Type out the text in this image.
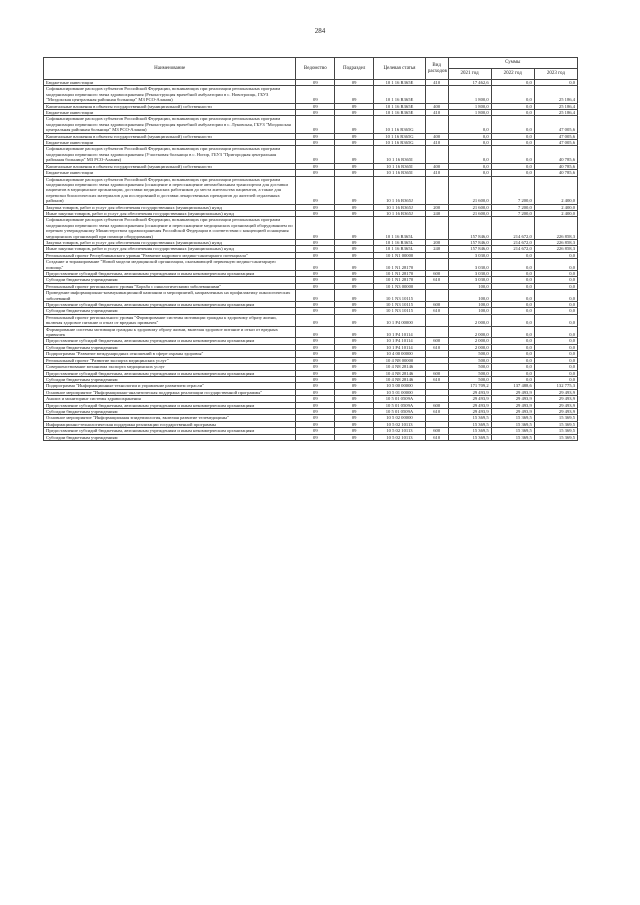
284
Наименование	Ведомство	Подраздел	Целевая статья	Вид расходов	Суммы		
					2021 год	2022 год	2023 год
Бюджетные инвестиции	09	09	10 1 16 R365E	410	17 462,6	0,0	0,0
Софинансирование расходов субъектов Российской Федерации, возникающих при реализации региональных программ модернизации первичного звена здравоохранения (Реконструкция врачебной амбулатории в с. Новотроицк, ГБУЗ "Моздокская центральная районная больница" МЗ РСО-Алания)	09	09	10 1 16 R365E		1 800,0	0,0	25 186,4
Капитальные вложения в объекты государственной (муниципальной) собственности	09	09	10 1 16 R365E	400	1 800,0	0,0	25 186,4
Бюджетные инвестиции	09	09	10 1 16 R365E	410	1 800,0	0,0	25 186,4
Софинансирование расходов субъектов Российской Федерации, возникающих при реализации региональных программ модернизации первичного звена здравоохранения (Реконструкция врачебной амбулатории в с. Луковская, ГБУЗ "Моздокская центральная районная больница" МЗ РСО-Алания)	09	09	10 1 16 R365G		0,0	0,0	47 005,6
Капитальные вложения в объекты государственной (муниципальной) собственности	09	09	10 1 16 R365G	400	0,0	0,0	47 005,6
Бюджетные инвестиции	09	09	10 1 16 R365G	410	0,0	0,0	47 005,6
Софинансирование расходов субъектов Российской Федерации, возникающих при реализации региональных программ модернизации первичного звена здравоохранения (Участковая больница в с. Ногир, ГБУЗ "Пригородная центральная районная больница" МЗ РСО-Алания)	09	09	10 1 16 R365I		0,0	0,0	40 785,6
Капитальные вложения в объекты государственной (муниципальной) собственности	09	09	10 1 16 R365I	400	0,0	0,0	40 785,6
Бюджетные инвестиции	09	09	10 1 16 R365I	410	0,0	0,0	40 785,6
Софинансирование расходов субъектов Российской Федерации, возникающих при реализации региональных программ модернизации первичного звена здравоохранения (оснащение и переоснащение автомобильным транспортом для доставки пациентов в медицинские организации, доставки медицинских работников до места жительства пациентов, а также для перевозки биологических материалов для исследований и доставки лекарственных препаратов до жителей отдаленных районов)	09	09	10 1 16 R365J		21 600,0	7 200,0	2 400,0
Закупка товаров, работ и услуг для обеспечения государственных (муниципальных) нужд	09	09	10 1 16 R365J	200	21 600,0	7 200,0	2 400,0
Иные закупки товаров, работ и услуг для обеспечения государственных (муниципальных) нужд	09	09	10 1 16 R365J	240	21 600,0	7 200,0	2 400,0
Софинансирование расходов субъектов Российской Федерации, возникающих при реализации региональных программ модернизации первичного звена здравоохранения (оснащение и переоснащение медицинских организаций оборудованием по перечню утвержденному Министерством здравоохранения Российской Федерации в соответствии с концепцией оснащения медицинских организаций при помощи оборудования)	09	09	10 1 16 R365L		157 846,0	214 672,0	226 858,3
Закупка товаров, работ и услуг для обеспечения государственных (муниципальных) нужд	09	09	10 1 16 R365L	200	157 846,0	214 672,0	226 858,3
Иные закупки товаров, работ и услуг для обеспечения государственных (муниципальных) нужд	09	09	10 1 16 R365L	240	157 846,0	214 672,0	226 858,3
Региональный проект Республиканского уровня "Развитие кадрового медико-санитарного потенциала"	09	09	10 1 N1 00000		3 030,0	0,0	0,0
Создание и тиражирование "Новой модели медицинской организации, оказывающей первичную медико-санитарную помощь"	09	09	10 1 N1 28170		3 030,0	0,0	0,0
Предоставление субсидий бюджетным, автономным учреждениям и иным некоммерческим организациям	09	09	10 1 N1 28170	600	3 030,0	0,0	0,0
Субсидии бюджетным учреждениям	09	09	10 1 N1 28170	610	3 030,0	0,0	0,0
Региональный проект регионального уровня "Борьба с онкологическими заболеваниями"	09	09	10 1 N3 00000		100,0	0,0	0,0
Проведение информационно-коммуникационной кампании и мероприятий, направленных на профилактику онкологических заболеваний	09	09	10 1 N3 10115		100,0	0,0	0,0
Предоставление субсидий бюджетным, автономным учреждениям и иным некоммерческим организациям	09	09	10 1 N3 10115	600	100,0	0,0	0,0
Субсидии бюджетным учреждениям	09	09	10 1 N3 10115	610	100,0	0,0	0,0
Региональный проект регионального уровня "Формирование системы мотивации граждан к здоровому образу жизни, включая здоровое питание и отказ от вредных привычек"	09	09	10 1 P4 00000		2 000,0	0,0	0,0
Формирование системы мотивации граждан к здоровому образу жизни, включая здоровое питание и отказ от вредных привычек	09	09	10 1 P4 10114		2 000,0	0,0	0,0
Предоставление субсидий бюджетным, автономным учреждениям и иным некоммерческим организациям	09	09	10 1 P4 10114	600	2 000,0	0,0	0,0
Субсидии бюджетным учреждениям	09	09	10 1 P4 10114	610	2 000,0	0,0	0,0
Подпрограмма "Развитие международных отношений в сфере охраны здоровья"	09	09	10 4 00 00000		500,0	0,0	0,0
Региональный проект "Развитие экспорта медицинских услуг"	09	09	10 4 N8 00000		500,0	0,0	0,0
Совершенствование механизма экспорта медицинских услуг	09	09	10 4 N8 28146		500,0	0,0	0,0
Предоставление субсидий бюджетным, автономным учреждениям и иным некоммерческим организациям	09	09	10 4 N8 28146	600	500,0	0,0	0,0
Субсидии бюджетным учреждениям	09	09	10 4 N8 28146	610	500,0	0,0	0,0
Подпрограмма "Информационные технологии и управление развитием отрасли"	09	09	10 5 00 00000		171 709,2	137 488,6	132 775,3
Основное мероприятие "Информационно-аналитическая поддержка реализации государственной программы"	09	09	10 5 01 00000		29 493,9	29 493,9	29 493,9
Анализ и мониторинг системы здравоохранения	09	09	10 5 01 0509A		29 493,9	29 493,9	29 493,9
Предоставление субсидий бюджетным, автономным учреждениям и иным некоммерческим организациям	09	09	10 5 01 0509A	600	29 493,9	29 493,9	29 493,9
Субсидии бюджетным учреждениям	09	09	10 5 01 0509A	610	29 493,9	29 493,9	29 493,9
Основное мероприятие "Информационная эпидемиология, включая развитие телемедицины"	09	09	10 5 02 00000		15 369,5	15 369,5	15 369,5
Информационно-технологическая поддержка реализации государственной программы	09	09	10 5 02 10113		15 369,5	15 369,5	15 369,5
Предоставление субсидий бюджетным, автономным учреждениям и иным некоммерческим организациям	09	09	10 5 02 10113	600	15 369,5	15 369,5	15 369,5
Субсидии бюджетным учреждениям	09	09	10 5 02 10113	610	15 369,5	15 369,5	15 369,5
